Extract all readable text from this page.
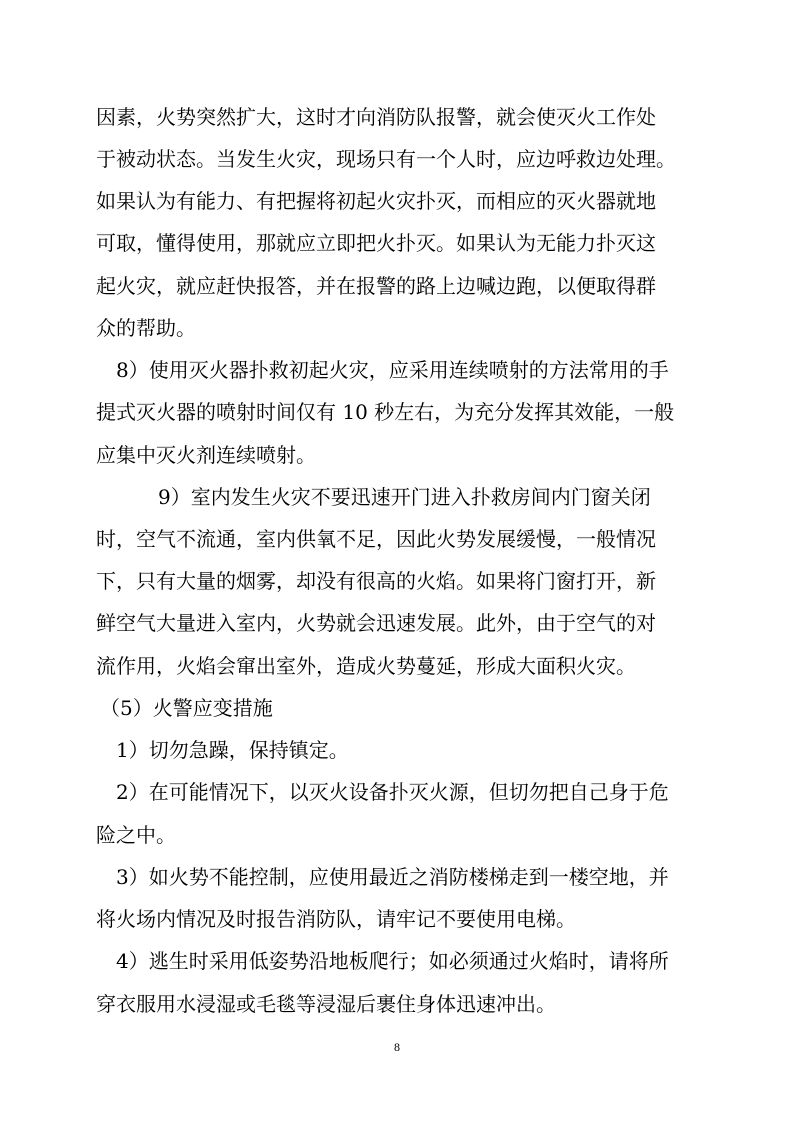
因素，火势突然扩大，这时才向消防队报警，就会使灭火工作处
于被动状态。当发生火灾，现场只有一个人时，应边呼救边处理。
如果认为有能力、有把握将初起火灾扑灭，而相应的灭火器就地
可取，懂得使用，那就应立即把火扑灭。如果认为无能力扑灭这
起火灾，就应赶快报答，并在报警的路上边喊边跑，以便取得群
众的帮助。
8）使用灭火器扑救初起火灾，应采用连续喷射的方法常用的手
提式灭火器的喷射时间仅有 10 秒左右，为充分发挥其效能，一般
应集中灭火剂连续喷射。
9）室内发生火灾不要迅速开门进入扑救房间内门窗关闭
时，空气不流通，室内供氧不足，因此火势发展缓慢，一般情况
下，只有大量的烟雾，却没有很高的火焰。如果将门窗打开，新
鲜空气大量进入室内，火势就会迅速发展。此外，由于空气的对
流作用，火焰会窜出室外，造成火势蔓延，形成大面积火灾。
（5）火警应变措施
1）切勿急躁，保持镇定。
2）在可能情况下，以灭火设备扑灭火源，但切勿把自己身于危
险之中。
3）如火势不能控制，应使用最近之消防楼梯走到一楼空地，并
将火场内情况及时报告消防队，请牢记不要使用电梯。
4）逃生时采用低姿势沿地板爬行；如必须通过火焰时，请将所
穿衣服用水浸湿或毛毯等浸湿后裹住身体迅速冲出。
8
